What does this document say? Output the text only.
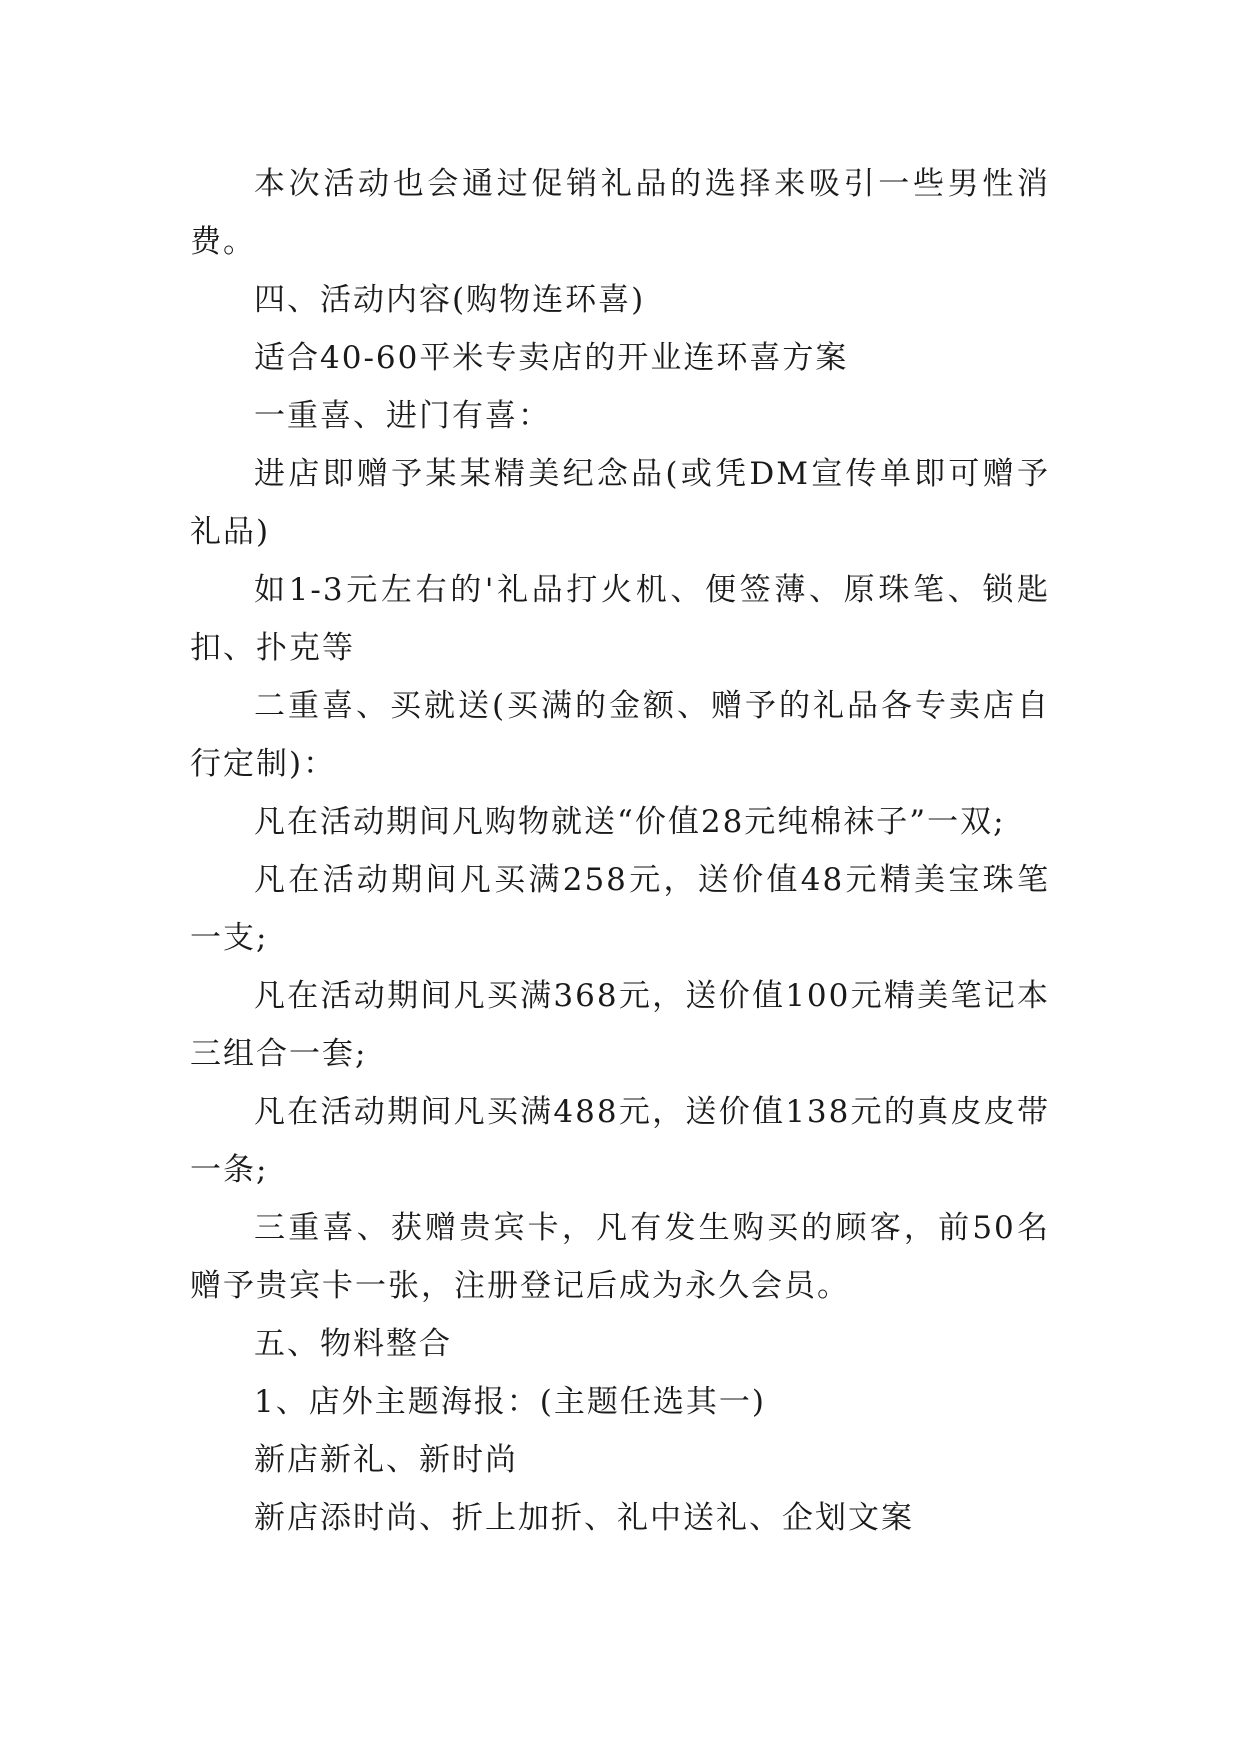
本次活动也会通过促销礼品的选择来吸引一些男性消费。

四、活动内容(购物连环喜)

适合40-60平米专卖店的开业连环喜方案

一重喜、进门有喜：

进店即赠予某某精美纪念品(或凭DM宣传单即可赠予礼品)

如1-3元左右的'礼品打火机、便签薄、原珠笔、锁匙扣、扑克等

二重喜、买就送(买满的金额、赠予的礼品各专卖店自行定制)：

凡在活动期间凡购物就送“价值28元纯棉袜子”一双;

凡在活动期间凡买满258元，送价值48元精美宝珠笔一支;

凡在活动期间凡买满368元，送价值100元精美笔记本三组合一套;

凡在活动期间凡买满488元，送价值138元的真皮皮带一条;

三重喜、获赠贵宾卡，凡有发生购买的顾客，前50名赠予贵宾卡一张，注册登记后成为永久会员。

五、物料整合

1、店外主题海报：(主题任选其一)

新店新礼、新时尚

新店添时尚、折上加折、礼中送礼、企划文案
